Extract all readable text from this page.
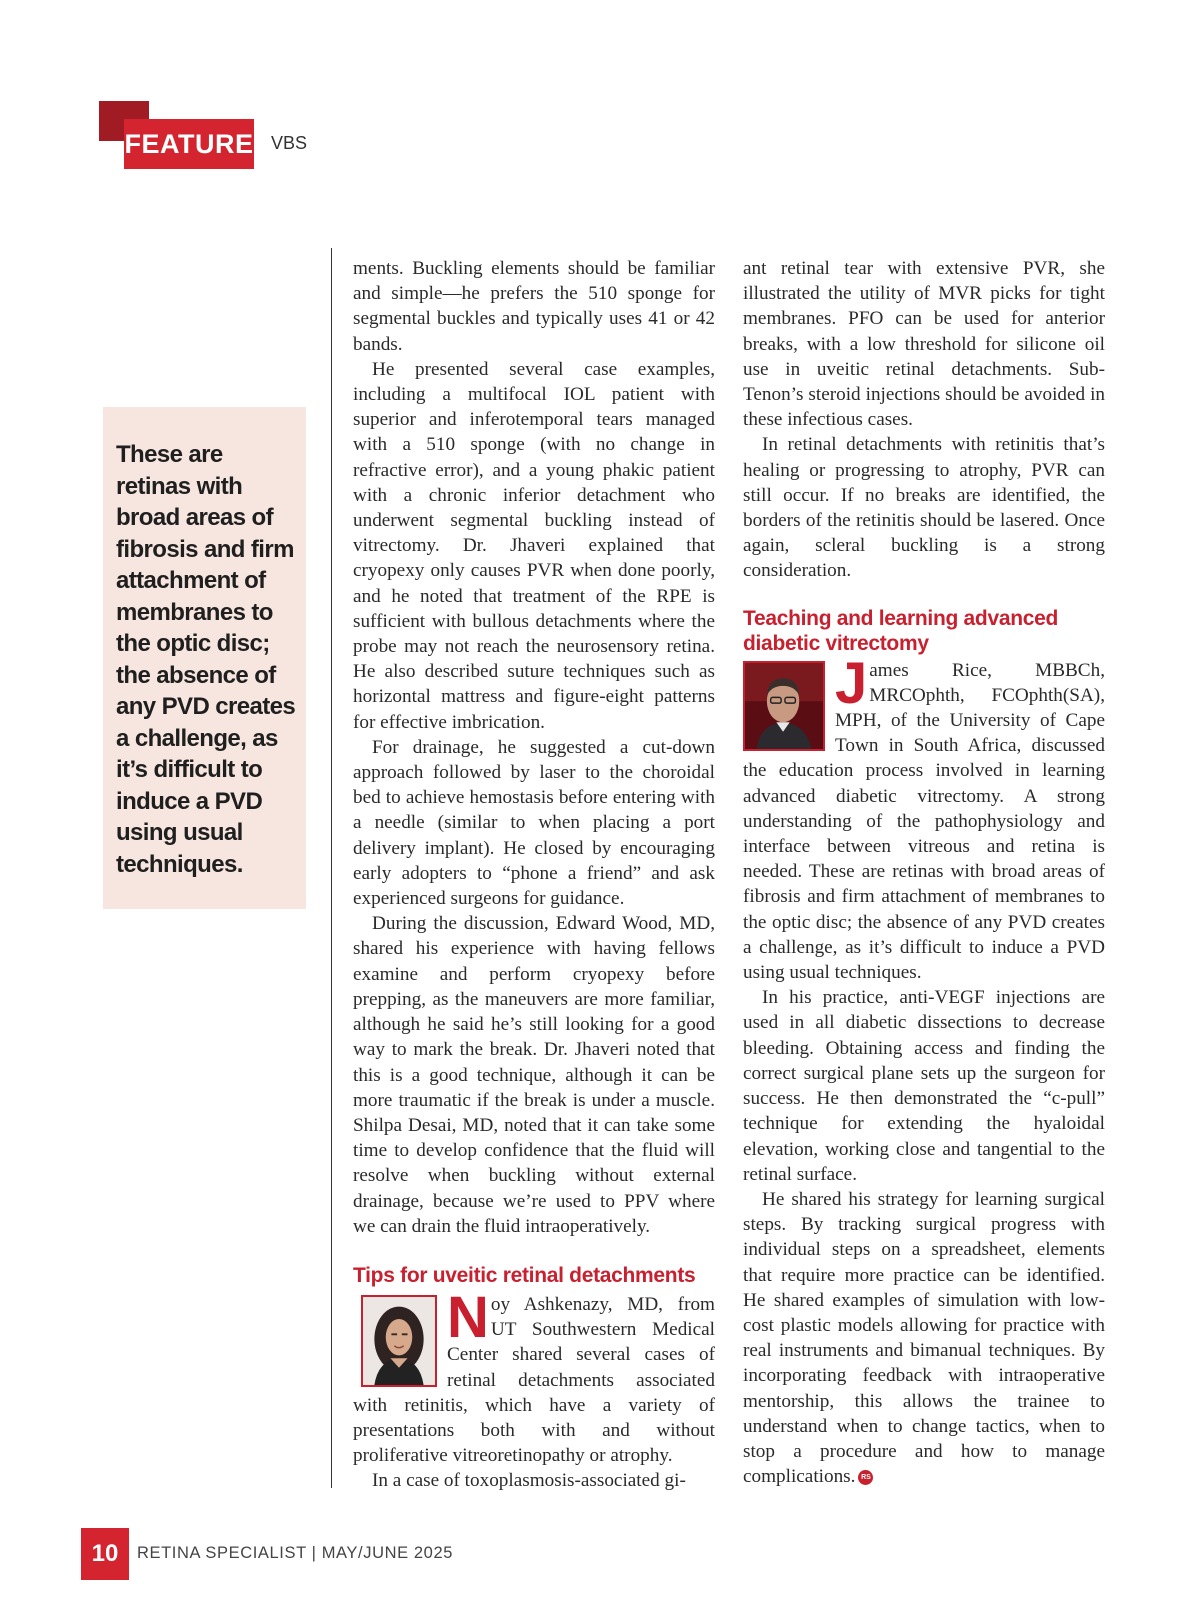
FEATURE VBS

These are retinas with broad areas of fibrosis and firm attachment of membranes to the optic disc; the absence of any PVD creates a challenge, as it’s difficult to induce a PVD using usual techniques.

ments. Buckling elements should be familiar and simple—he prefers the 510 sponge for segmental buckles and typically uses 41 or 42 bands.

He presented several case examples, including a multifocal IOL patient with superior and inferotemporal tears managed with a 510 sponge (with no change in refractive error), and a young phakic patient with a chronic inferior detachment who underwent segmental buckling instead of vitrectomy. Dr. Jhaveri explained that cryopexy only causes PVR when done poorly, and he noted that treatment of the RPE is sufficient with bullous detachments where the probe may not reach the neurosensory retina. He also described suture techniques such as horizontal mattress and figure-eight patterns for effective imbrication.

For drainage, he suggested a cut-down approach followed by laser to the choroidal bed to achieve hemostasis before entering with a needle (similar to when placing a port delivery implant). He closed by encouraging early adopters to “phone a friend” and ask experienced surgeons for guidance.

During the discussion, Edward Wood, MD, shared his experience with having fellows examine and perform cryopexy before prepping, as the maneuvers are more familiar, although he said he’s still looking for a good way to mark the break. Dr. Jhaveri noted that this is a good technique, although it can be more traumatic if the break is under a muscle. Shilpa Desai, MD, noted that it can take some time to develop confidence that the fluid will resolve when buckling without external drainage, because we’re used to PPV where we can drain the fluid intraoperatively.

Tips for uveitic retinal detachments

Noy Ashkenazy, MD, from UT Southwestern Medical Center shared several cases of retinal detachments associated with retinitis, which have a variety of presentations both with and without proliferative vitreoretinopathy or atrophy.

In a case of toxoplasmosis-associated gi-

ant retinal tear with extensive PVR, she illustrated the utility of MVR picks for tight membranes. PFO can be used for anterior breaks, with a low threshold for silicone oil use in uveitic retinal detachments. Sub-Tenon’s steroid injections should be avoided in these infectious cases.

In retinal detachments with retinitis that’s healing or progressing to atrophy, PVR can still occur. If no breaks are identified, the borders of the retinitis should be lasered. Once again, scleral buckling is a strong consideration.

Teaching and learning advanced diabetic vitrectomy

James Rice, MBBCh, MRCOphth, FCOphth(SA), MPH, of the University of Cape Town in South Africa, discussed the education process involved in learning advanced diabetic vitrectomy. A strong understanding of the pathophysiology and interface between vitreous and retina is needed. These are retinas with broad areas of fibrosis and firm attachment of membranes to the optic disc; the absence of any PVD creates a challenge, as it’s difficult to induce a PVD using usual techniques.

In his practice, anti-VEGF injections are used in all diabetic dissections to decrease bleeding. Obtaining access and finding the correct surgical plane sets up the surgeon for success. He then demonstrated the “c-pull” technique for extending the hyaloidal elevation, working close and tangential to the retinal surface.

He shared his strategy for learning surgical steps. By tracking surgical progress with individual steps on a spreadsheet, elements that require more practice can be identified. He shared examples of simulation with low-cost plastic models allowing for practice with real instruments and bimanual techniques. By incorporating feedback with intraoperative mentorship, this allows the trainee to understand when to change tactics, when to stop a procedure and how to manage complications. RS

10	RETINA SPECIALIST | MAY/JUNE 2025
